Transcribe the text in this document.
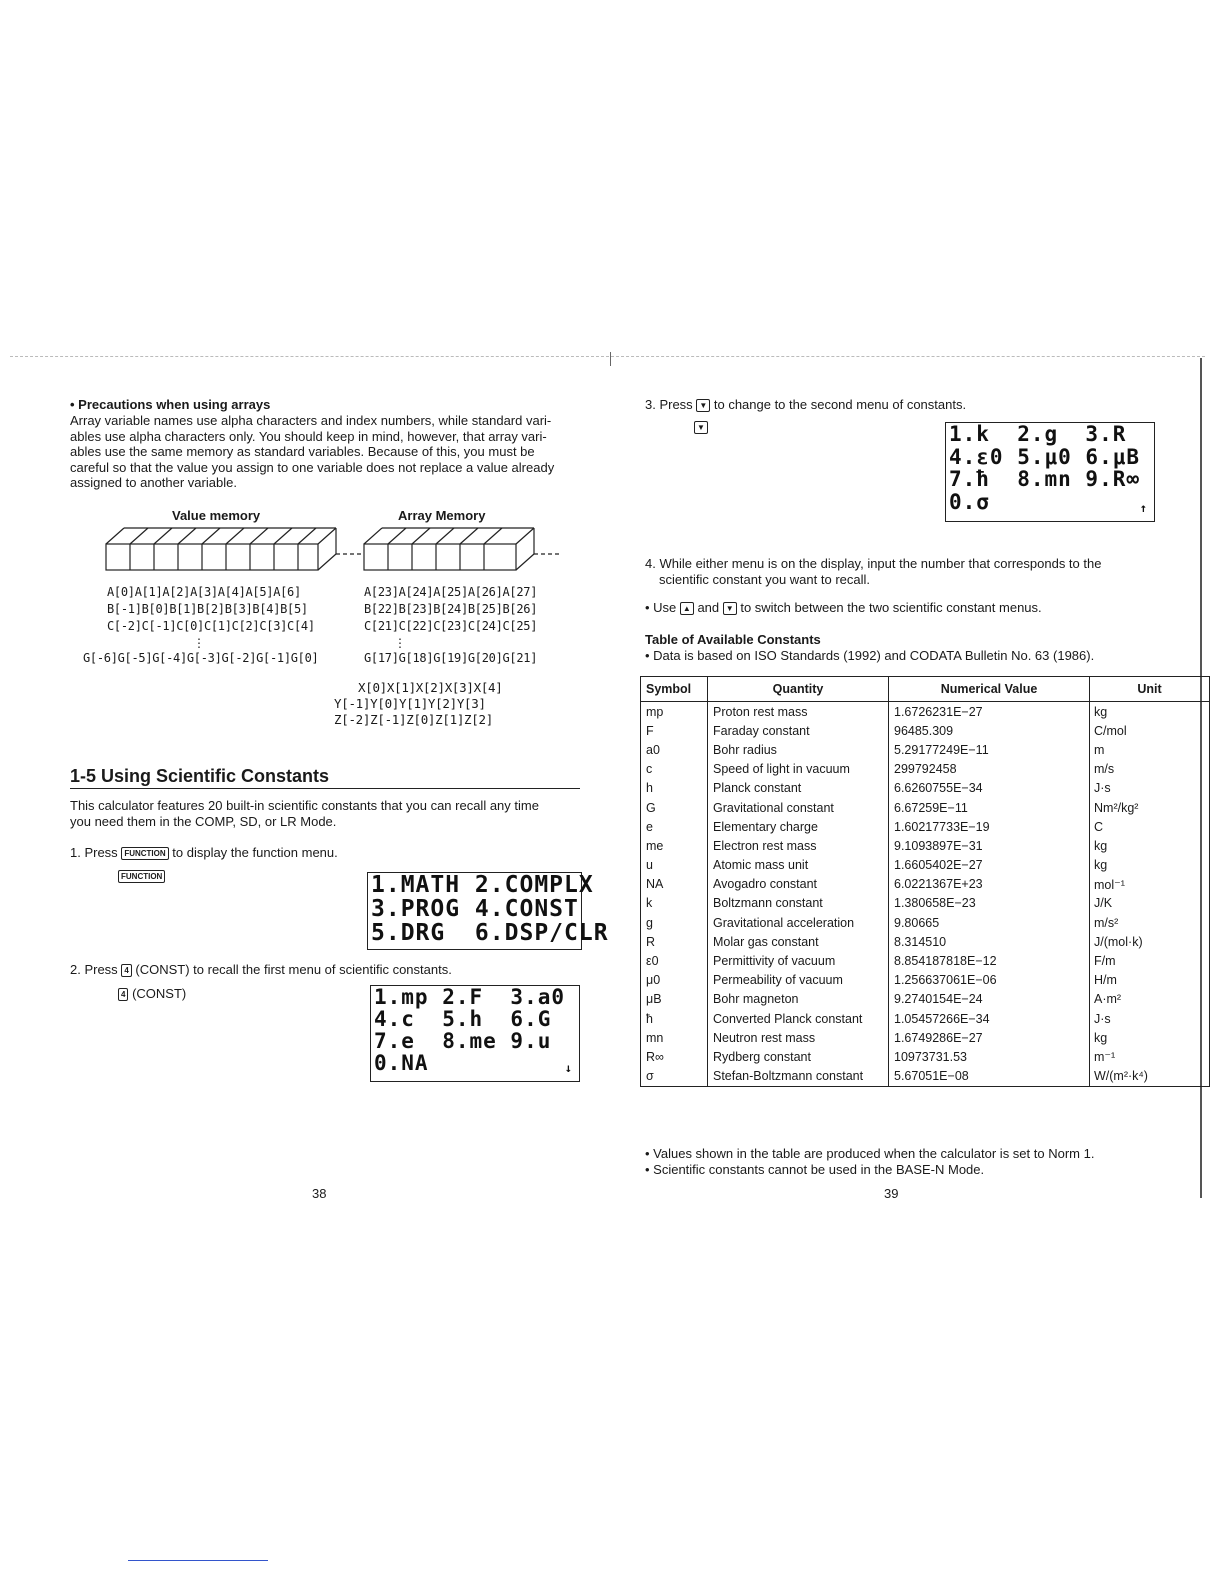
• Precautions when using arrays
Array variable names use alpha characters and index numbers, while standard vari-
ables use alpha characters only. You should keep in mind, however, that array vari-
ables use the same memory as standard variables. Because of this, you must be
careful so that the value you assign to one variable does not replace a value already
assigned to another variable.
Value memory	Array Memory
A[0]A[1]A[2]A[3]A[4]A[5]A[6]
B[-1]B[0]B[1]B[2]B[3]B[4]B[5]
C[-2]C[-1]C[0]C[1]C[2]C[3]C[4]
⋮
G[-6]G[-5]G[-4]G[-3]G[-2]G[-1]G[0]
A[23]A[24]A[25]A[26]A[27]
B[22]B[23]B[24]B[25]B[26]
C[21]C[22]C[23]C[24]C[25]
⋮
G[17]G[18]G[19]G[20]G[21]
X[0]X[1]X[2]X[3]X[4]
Y[-1]Y[0]Y[1]Y[2]Y[3]
Z[-2]Z[-1]Z[0]Z[1]Z[2]
1-5 Using Scientific Constants
This calculator features 20 built-in scientific constants that you can recall any time
you need them in the COMP, SD, or LR Mode.
1. Press FUNCTION to display the function menu.
FUNCTION	1.MATH 2.COMPLX
3.PROG 4.CONST
5.DRG  6.DSP/CLR
2. Press 4 (CONST) to recall the first menu of scientific constants.
4 (CONST)	1.mp 2.F  3.a0
4.c  5.h  6.G
7.e  8.me 9.u
0.NA	↓
38
3. Press ▼ to change to the second menu of constants.
▼	1.k  2.g  3.R
4.ε0 5.μ0 6.μB
7.ħ  8.mn 9.R∞
0.σ	↑
4. While either menu is on the display, input the number that corresponds to the
scientific constant you want to recall.
• Use ▲ and ▼ to switch between the two scientific constant menus.
Table of Available Constants
• Data is based on ISO Standards (1992) and CODATA Bulletin No. 63 (1986).
Symbol	Quantity	Numerical Value	Unit
mp	Proton rest mass	1.6726231E−27	kg
F	Faraday constant	96485.309	C/mol
a0	Bohr radius	5.29177249E−11	m
c	Speed of light in vacuum	299792458	m/s
h	Planck constant	6.6260755E−34	J·s
G	Gravitational constant	6.67259E−11	Nm²/kg²
e	Elementary charge	1.60217733E−19	C
me	Electron rest mass	9.1093897E−31	kg
u	Atomic mass unit	1.6605402E−27	kg
NA	Avogadro constant	6.0221367E+23	mol⁻¹
k	Boltzmann constant	1.380658E−23	J/K
g	Gravitational acceleration	9.80665	m/s²
R	Molar gas constant	8.314510	J/(mol·k)
ε0	Permittivity of vacuum	8.854187818E−12	F/m
μ0	Permeability of vacuum	1.256637061E−06	H/m
μB	Bohr magneton	9.2740154E−24	A·m²
ħ	Converted Planck constant	1.05457266E−34	J·s
mn	Neutron rest mass	1.6749286E−27	kg
R∞	Rydberg constant	10973731.53	m⁻¹
σ	Stefan-Boltzmann constant	5.67051E−08	W/(m²·k⁴)
• Values shown in the table are produced when the calculator is set to Norm 1.
• Scientific constants cannot be used in the BASE-N Mode.
39
